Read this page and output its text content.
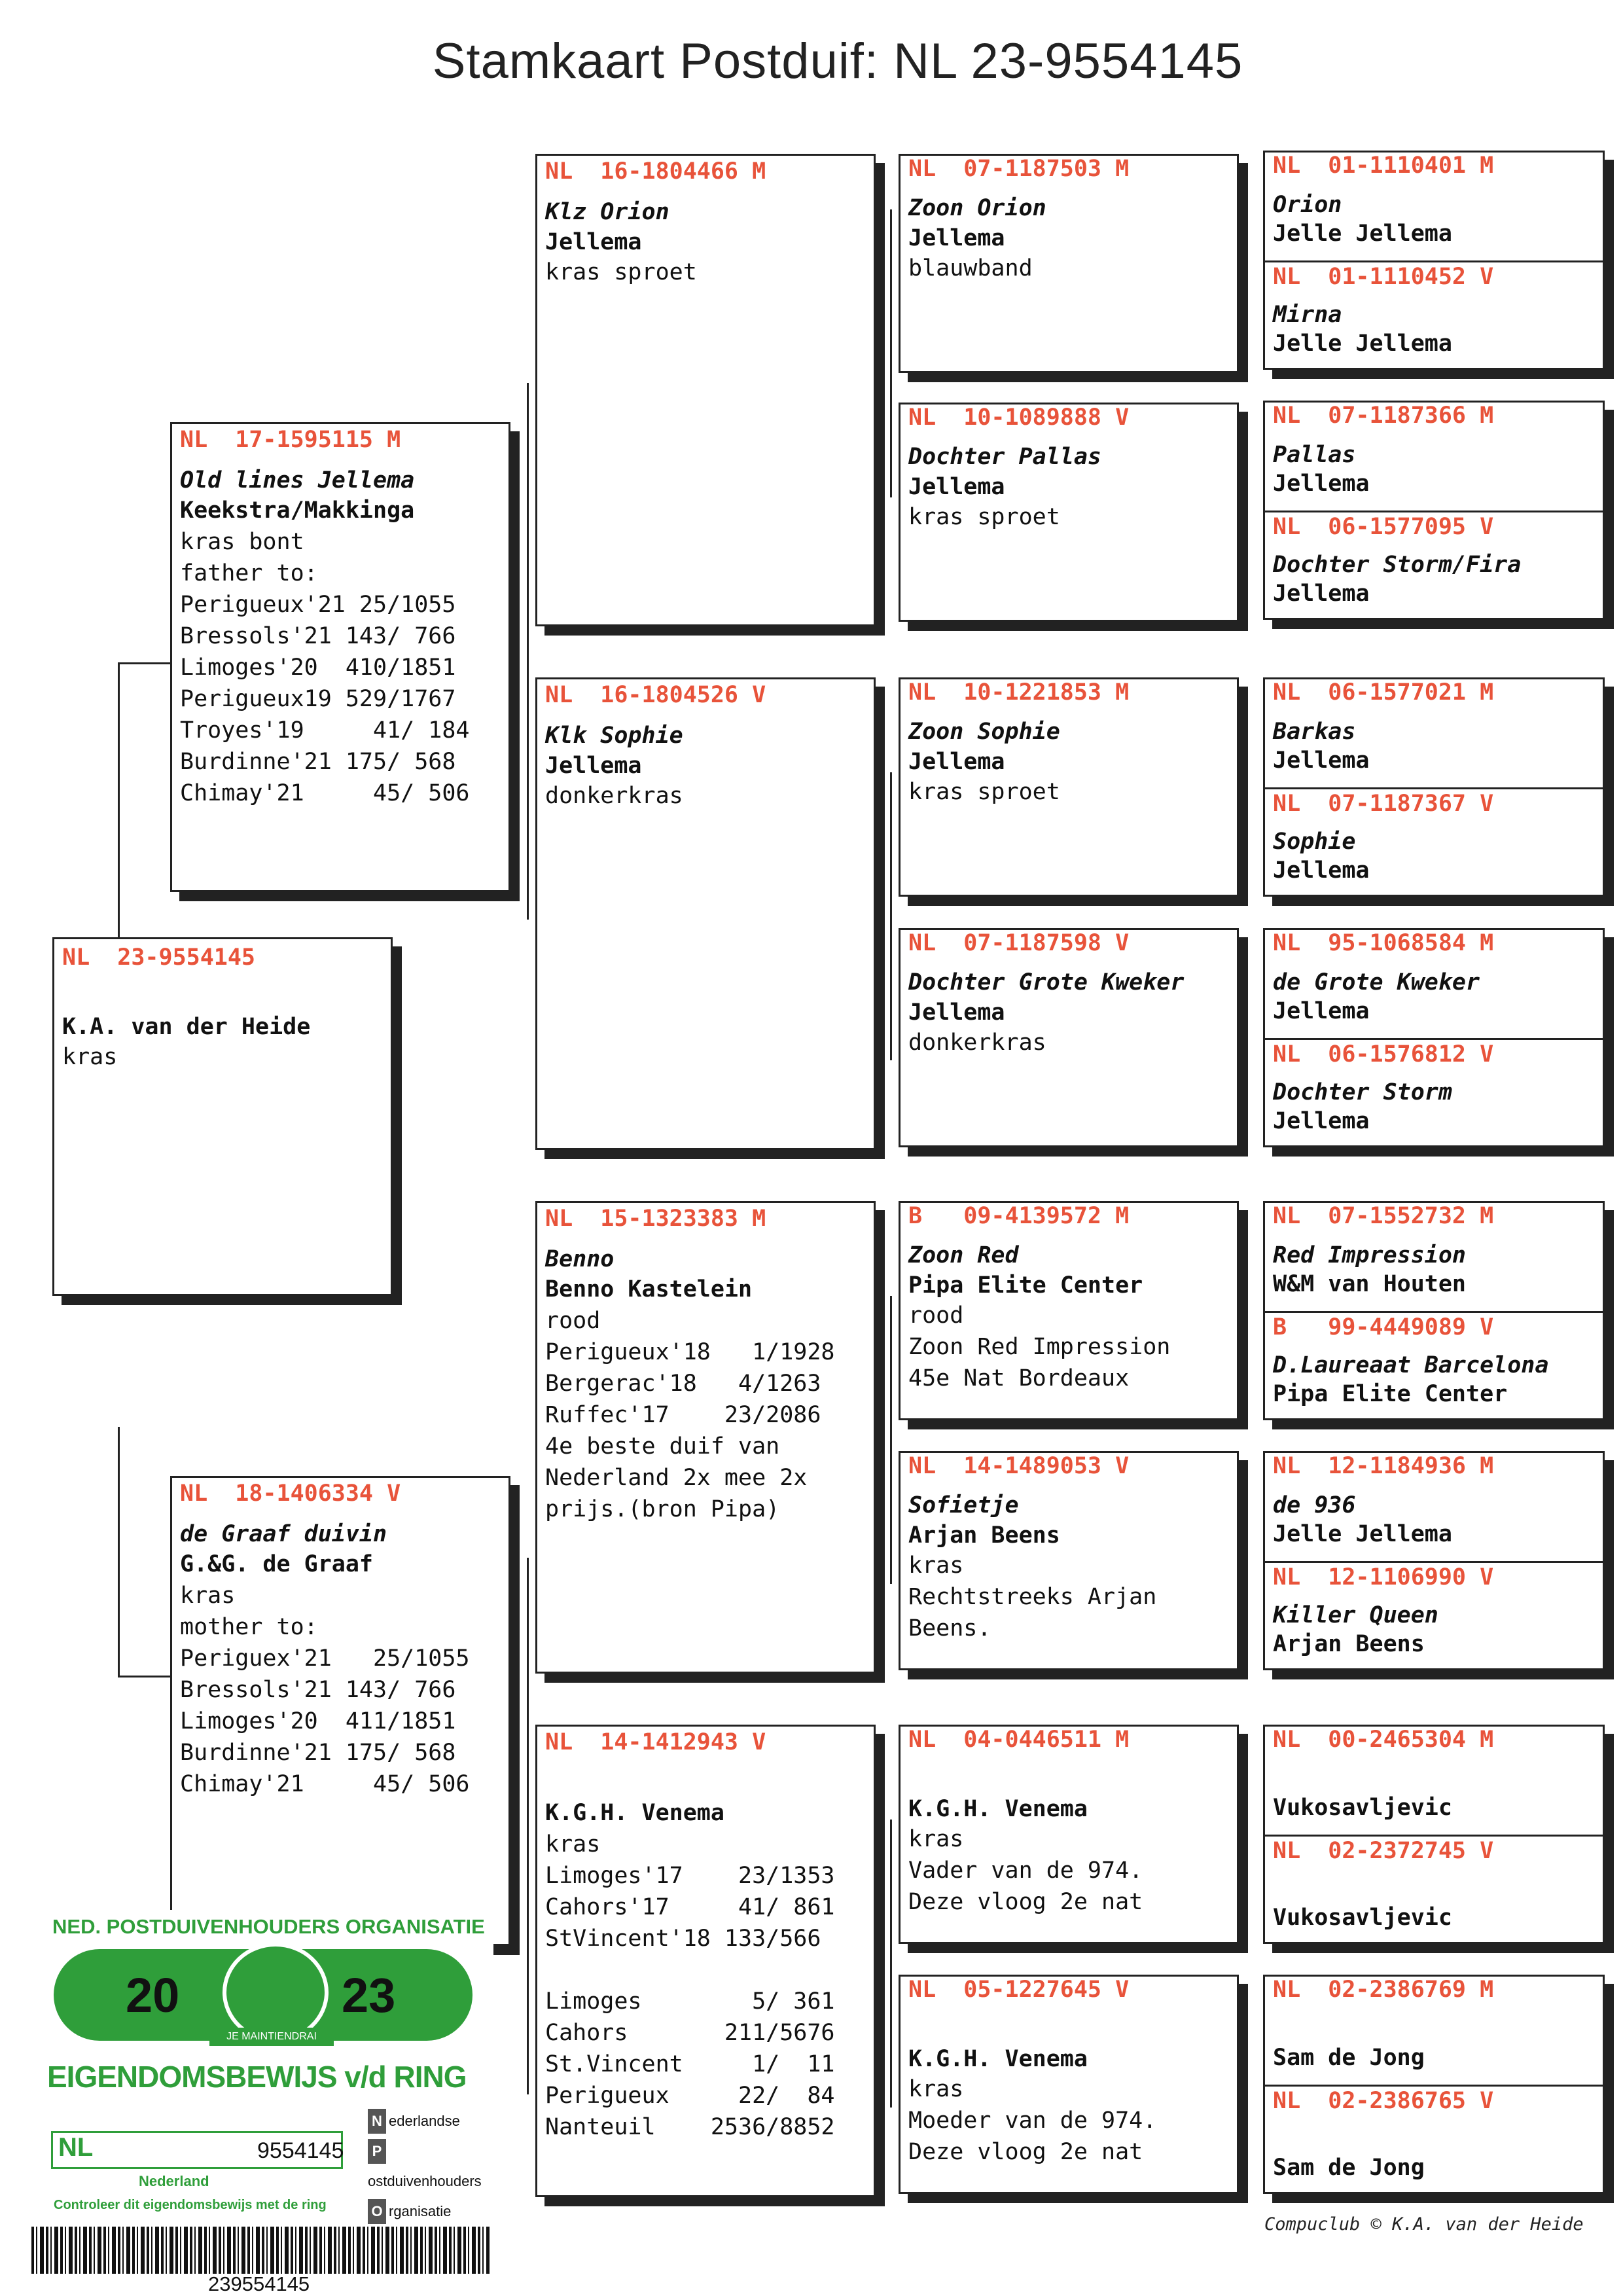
Stamkaart Postduif: NL 23-9554145
NL  23-9554145
K.A. van der Heide
kras
NL  17-1595115 M
Old lines Jellema
Keekstra/Makkinga
kras bont
father to:
Perigueux'21 25/1055
Bressols'21 143/ 766
Limoges'20  410/1851
Perigueux19 529/1767
Troyes'19     41/ 184
Burdinne'21 175/ 568
Chimay'21     45/ 506
NL  18-1406334 V
de Graaf duivin
G.&G. de Graaf
kras
mother to:
Periguex'21   25/1055
Bressols'21 143/ 766
Limoges'20  411/1851
Burdinne'21 175/ 568
Chimay'21     45/ 506
NL  16-1804466 M
Klz Orion
Jellema
kras sproet
NL  16-1804526 V
Klk Sophie
Jellema
donkerkras
NL  15-1323383 M
Benno
Benno Kastelein
rood
Perigueux'18   1/1928
Bergerac'18   4/1263
Ruffec'17    23/2086
4e beste duif van
Nederland 2x mee 2x
prijs.(bron Pipa)
NL  14-1412943 V
K.G.H. Venema
kras
Limoges'17    23/1353
Cahors'17     41/ 861
StVincent'18 133/566
Limoges        5/ 361
Cahors       211/5676
St.Vincent     1/  11
Perigueux     22/  84
Nanteuil    2536/8852
NL  07-1187503 M
Zoon Orion
Jellema
blauwband
NL  10-1089888 V
Dochter Pallas
Jellema
kras sproet
NL  10-1221853 M
Zoon Sophie
Jellema
kras sproet
NL  07-1187598 V
Dochter Grote Kweker
Jellema
donkerkras
B   09-4139572 M
Zoon Red
Pipa Elite Center
rood
Zoon Red Impression
45e Nat Bordeaux
NL  14-1489053 V
Sofietje
Arjan Beens
kras
Rechtstreeks Arjan
Beens.
NL  04-0446511 M
K.G.H. Venema
kras
Vader van de 974.
Deze vloog 2e nat
NL  05-1227645 V
K.G.H. Venema
kras
Moeder van de 974.
Deze vloog 2e nat
NL  01-1110401 M
Orion
Jelle Jellema
NL  01-1110452 V
Mirna
Jelle Jellema
NL  07-1187366 M
Pallas
Jellema
NL  06-1577095 V
Dochter Storm/Fira
Jellema
NL  06-1577021 M
Barkas
Jellema
NL  07-1187367 V
Sophie
Jellema
NL  95-1068584 M
de Grote Kweker
Jellema
NL  06-1576812 V
Dochter Storm
Jellema
NL  07-1552732 M
Red Impression
W&M van Houten
B   99-4449089 V
D.Laureaat Barcelona
Pipa Elite Center
NL  12-1184936 M
de 936
Jelle Jellema
NL  12-1106990 V
Killer Queen
Arjan Beens
NL  00-2465304 M
Vukosavljevic
NL  02-2372745 V
Vukosavljevic
NL  02-2386769 M
Sam de Jong
NL  02-2386765 V
Sam de Jong
Compuclub © K.A. van der Heide
NED. POSTDUIVENHOUDERS ORGANISATIE
20	23
JE MAINTIENDRAI
EIGENDOMSBEWIJS v/d RING
NL	9554145
N ederlandse
Postduivenhouders
O rganisatie
Nederland
Controleer dit eigendomsbewijs met de ring
239554145
